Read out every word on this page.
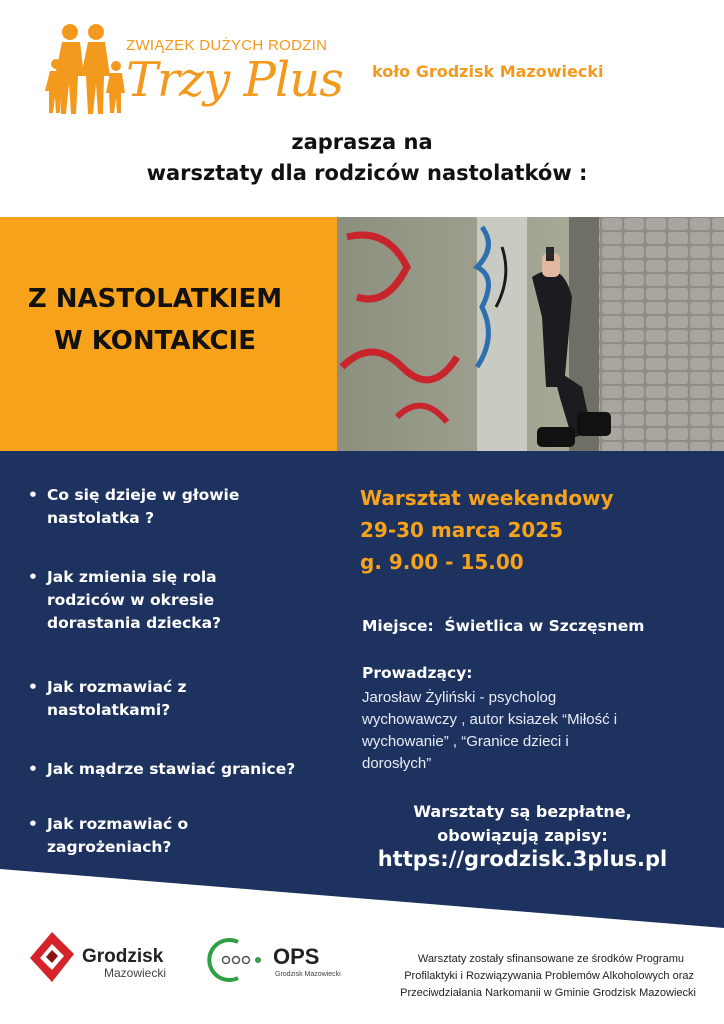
ZWIĄZEK DUŻYCH RODZIN
Trzy Plus koło Grodzisk Mazowiecki
zaprasza na
warsztaty dla rodziców nastolatków :
Z NASTOLATKIEM
W KONTAKCIE
• Co się dzieje w głowie
nastolatka ?
• Jak zmienia się rola
rodziców w okresie
dorastania dziecka?
• Jak rozmawiać z
nastolatkami?
• Jak mądrze stawiać granice?
• Jak rozmawiać o
zagrożeniach?
Warsztat weekendowy
29-30 marca 2025
g. 9.00 - 15.00
Miejsce:  Świetlica w Szczęsnem
Prowadzący:
Jarosław Żyliński - psycholog
wychowawczy , autor ksiazek “Miłość i
wychowanie” , “Granice dzieci i
dorosłych”
Warsztaty są bezpłatne,
obowiązują zapisy:
https://grodzisk.3plus.pl
Grodzisk
Mazowiecki
OPS
Grodzisk Mazowiecki
Warsztaty zostały sfinansowane ze środków Programu
Profilaktyki i Rozwiązywania Problemów Alkoholowych oraz
Przeciwdziałania Narkomanii w Gminie Grodzisk Mazowiecki
